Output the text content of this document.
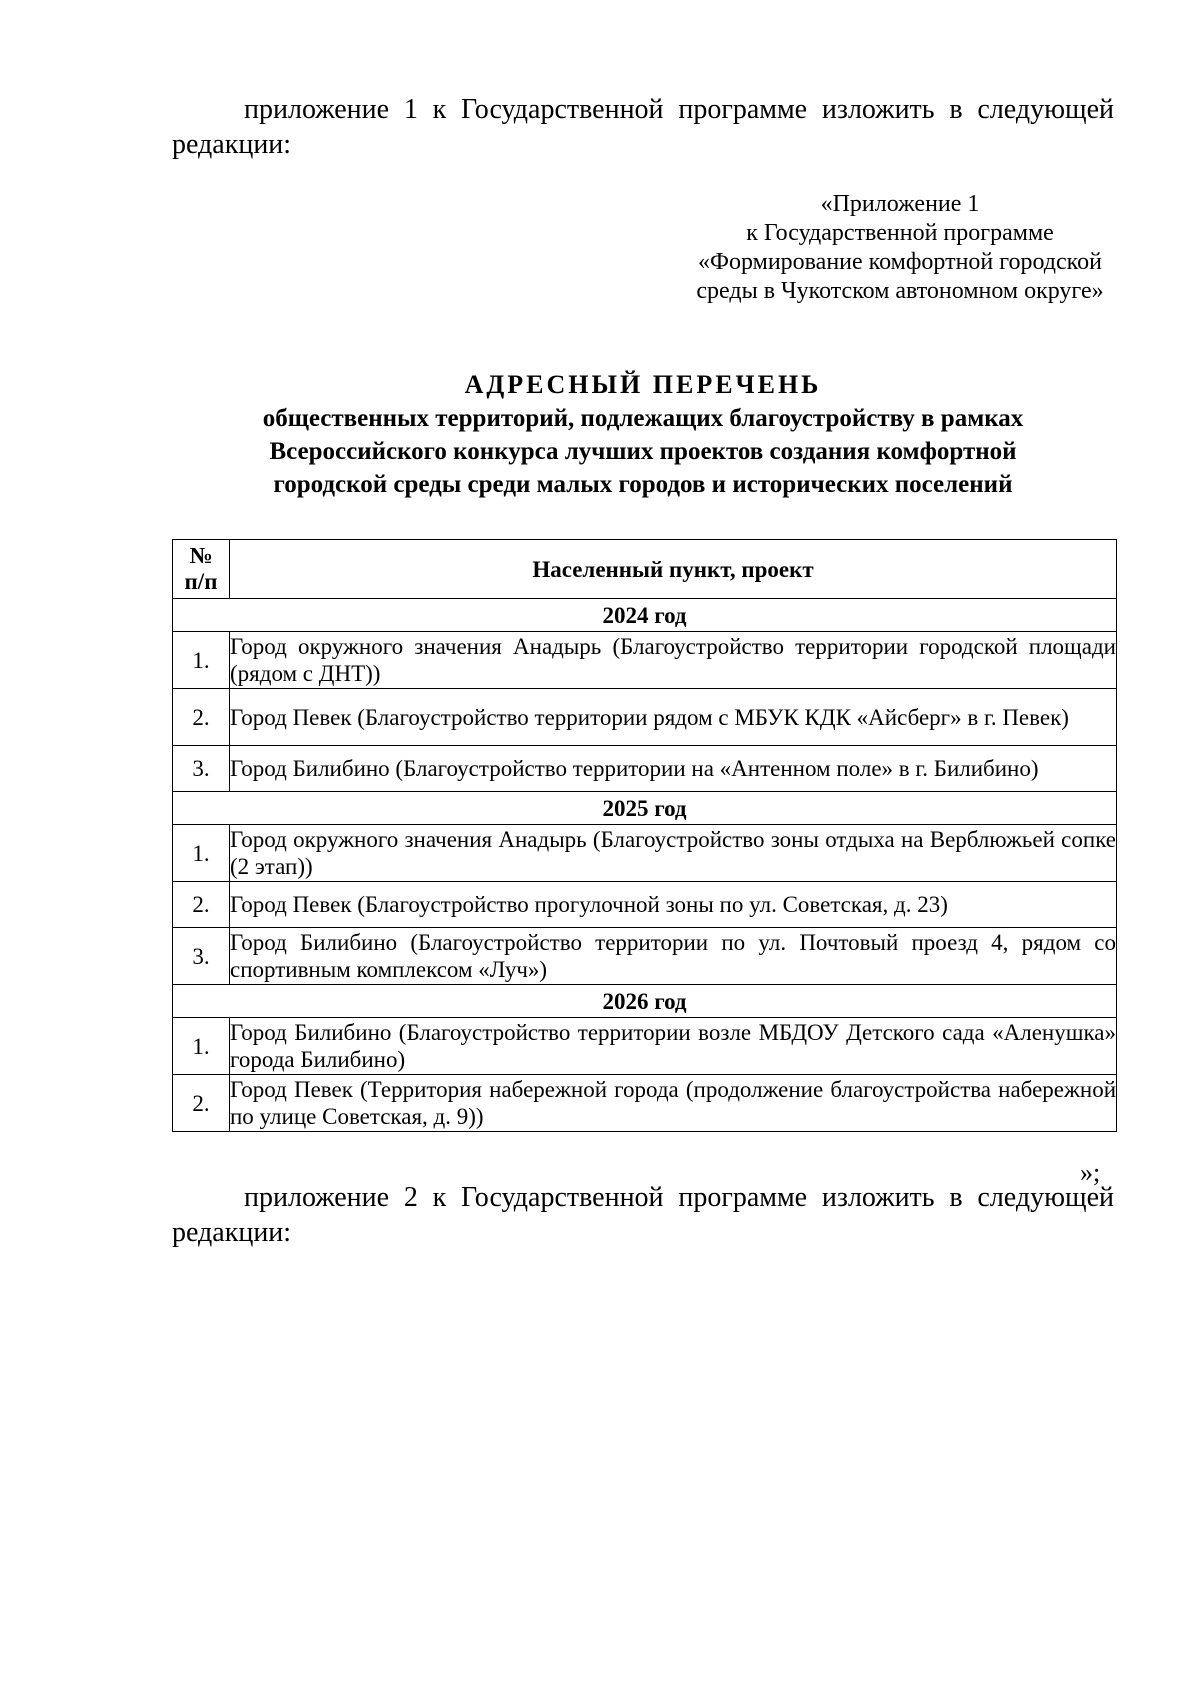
приложение 1 к Государственной программе изложить в следующей
редакции:
«Приложение 1
к Государственной программе
«Формирование комфортной городской
среды в Чукотском автономном округе»
АДРЕСНЫЙ ПЕРЕЧЕНЬ
общественных территорий, подлежащих благоустройству в рамках
Всероссийского конкурса лучших проектов создания комфортной
городской среды среди малых городов и исторических поселений
№
п/п	Населенный пункт, проект
2024 год	
1.	Город окружного значения Анадырь (Благоустройство территории городской площади (рядом с ДНТ))
2.	Город Певек (Благоустройство территории рядом с МБУК КДК «Айсберг» в г. Певек)
3.	Город Билибино (Благоустройство территории на «Антенном поле» в г. Билибино)
2025 год	
1.	Город окружного значения Анадырь (Благоустройство зоны отдыха на Верблюжьей сопке (2 этап))
2.	Город Певек (Благоустройство прогулочной зоны по ул. Советская, д. 23)
3.	Город Билибино (Благоустройство территории по ул. Почтовый проезд 4, рядом со спортивным комплексом «Луч»)
2026 год	
1.	Город Билибино (Благоустройство территории возле МБДОУ Детского сада «Аленушка» города Билибино)
2.	Город Певек (Территория набережной города (продолжение благоустройства набережной по улице Советская, д. 9))
»;
приложение 2 к Государственной программе изложить в следующей
редакции:
